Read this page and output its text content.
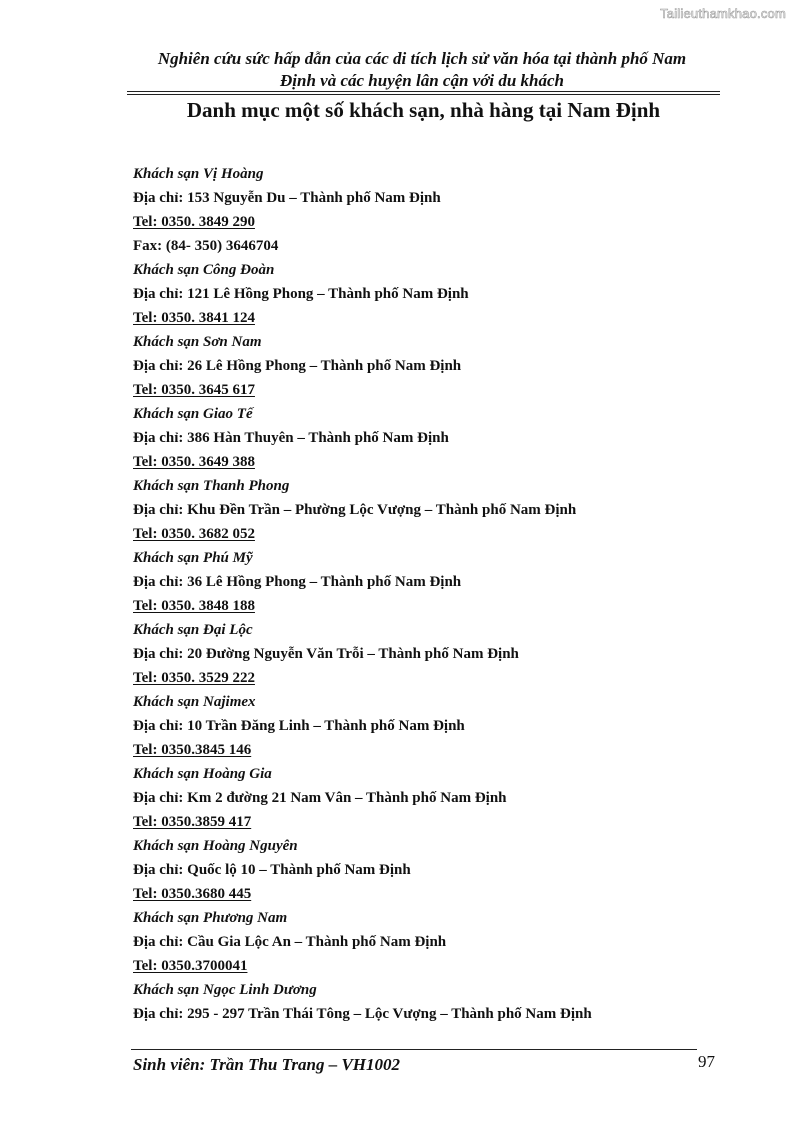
Tailieuthamkhao.com
Nghiên cứu sức hấp dẫn của các di tích lịch sử văn hóa tại thành phố Nam
Định và các huyện lân cận với du khách
Danh mục một số khách sạn, nhà hàng tại Nam Định
Khách sạn Vị Hoàng
Địa chỉ: 153 Nguyễn Du – Thành phố Nam Định
Tel: 0350. 3849 290
Fax: (84- 350) 3646704
Khách sạn Công Đoàn
Địa chỉ: 121 Lê Hồng Phong – Thành phố Nam Định
Tel: 0350. 3841 124
Khách sạn Sơn Nam
Địa chỉ: 26 Lê Hồng Phong – Thành phố Nam Định
Tel: 0350. 3645 617
Khách sạn Giao Tế
Địa chỉ: 386 Hàn Thuyên – Thành phố Nam Định
Tel: 0350. 3649 388
Khách sạn Thanh Phong
Địa chỉ: Khu Đền Trần – Phường Lộc Vượng – Thành phố Nam Định
Tel: 0350. 3682 052
Khách sạn Phú Mỹ
Địa chỉ: 36 Lê Hồng Phong – Thành phố Nam Định
Tel: 0350. 3848 188
Khách sạn Đại Lộc
Địa chỉ: 20 Đường Nguyễn Văn Trỗi – Thành phố Nam Định
Tel: 0350. 3529 222
Khách sạn Najimex
Địa chỉ: 10 Trần Đăng Linh – Thành phố Nam Định
Tel: 0350.3845 146
Khách sạn Hoàng Gia
Địa chỉ: Km 2 đường 21 Nam Vân – Thành phố Nam Định
Tel: 0350.3859 417
Khách sạn Hoàng Nguyên
Địa chỉ: Quốc lộ 10 – Thành phố Nam Định
Tel: 0350.3680 445
Khách sạn Phương Nam
Địa chỉ: Cầu Gia Lộc An – Thành phố Nam Định
Tel: 0350.3700041
Khách sạn Ngọc Linh Dương
Địa chỉ: 295 - 297 Trần Thái Tông – Lộc Vượng – Thành phố Nam Định
Sinh viên: Trần Thu Trang – VH1002	97
